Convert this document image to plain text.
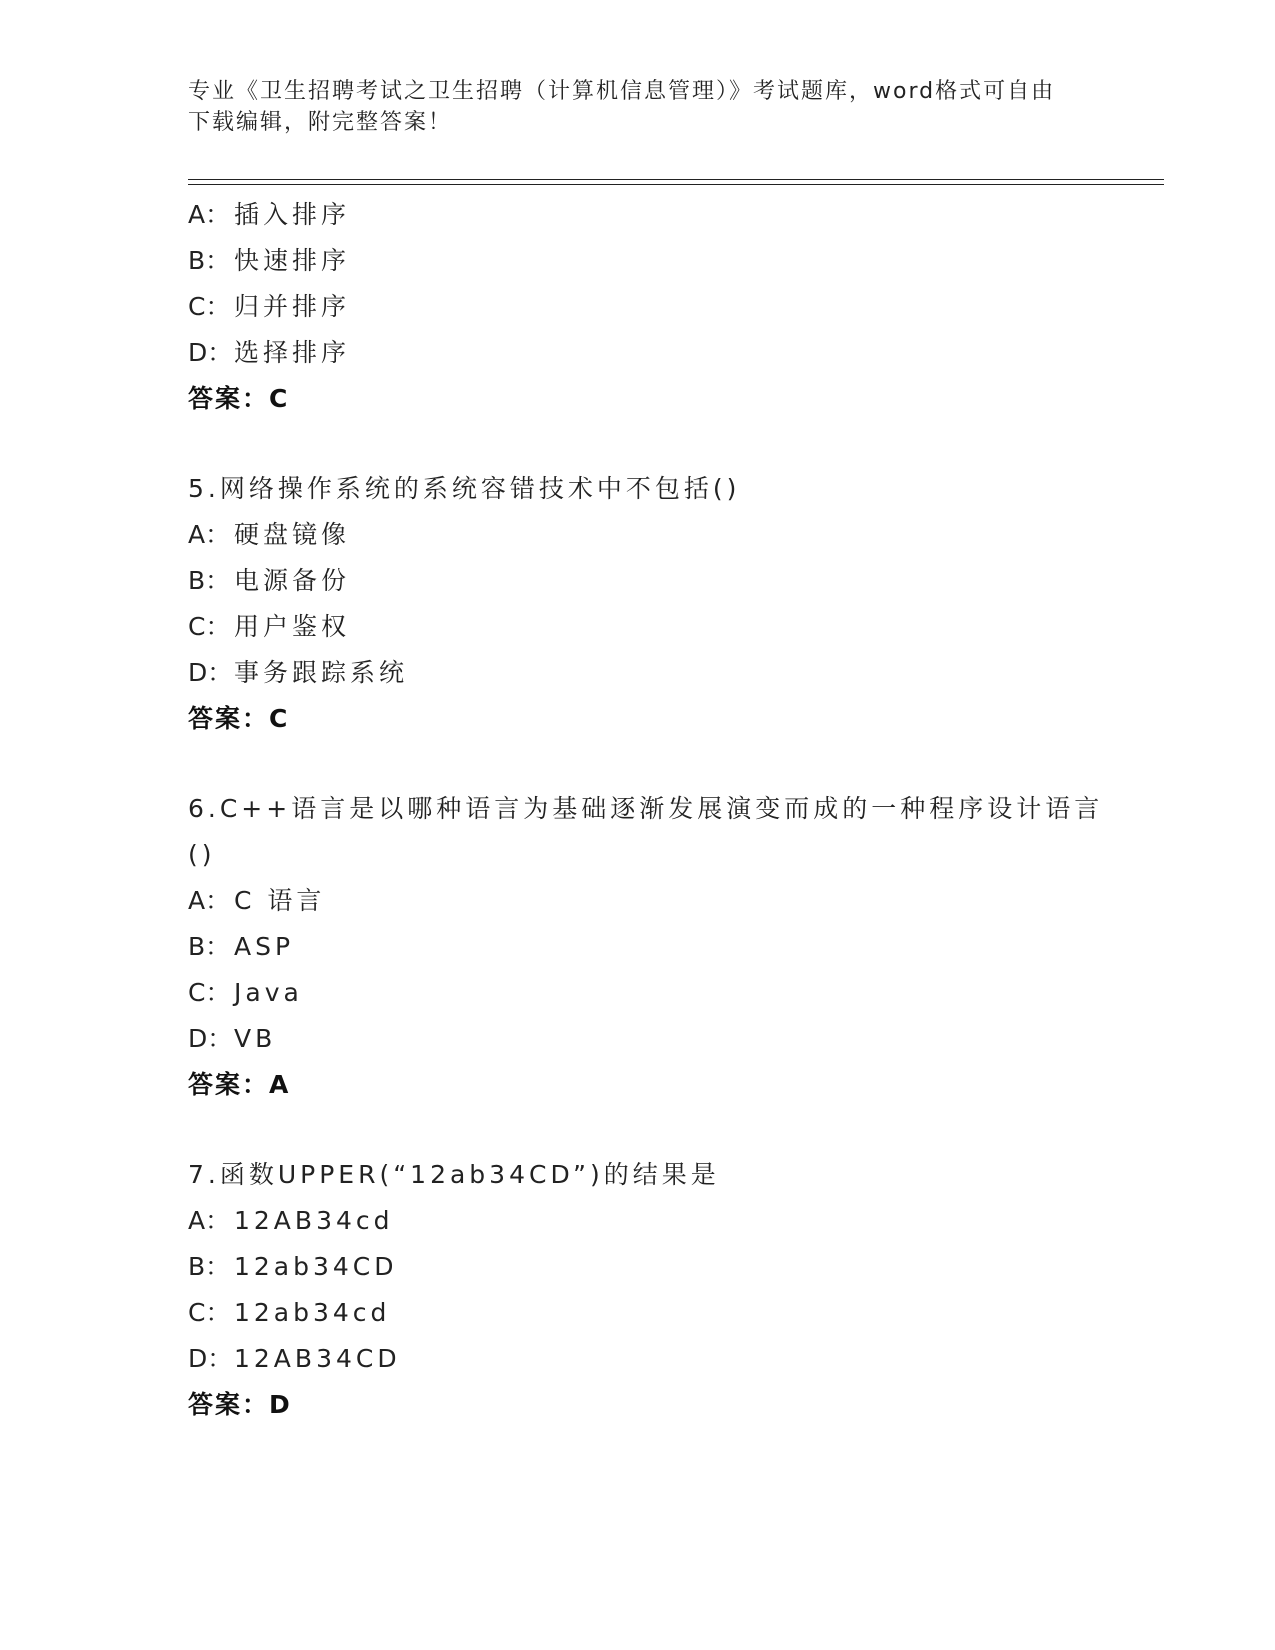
专业《卫生招聘考试之卫生招聘（计算机信息管理）》考试题库，word格式可自由下载编辑，附完整答案！
A： 插入排序
B： 快速排序
C： 归并排序
D：选择排序
答案：C
5.网络操作系统的系统容错技术中不包括()
A： 硬盘镜像
B： 电源备份
C： 用户鉴权
D：事务跟踪系统
答案：C
6.C++语言是以哪种语言为基础逐渐发展演变而成的一种程序设计语言
()
A： C 语言
B： ASP
C： Java
D：VB
答案：A
7.函数UPPER(“12ab34CD”)的结果是
A： 12AB34cd
B： 12ab34CD
C： 12ab34cd
D：12AB34CD
答案：D
